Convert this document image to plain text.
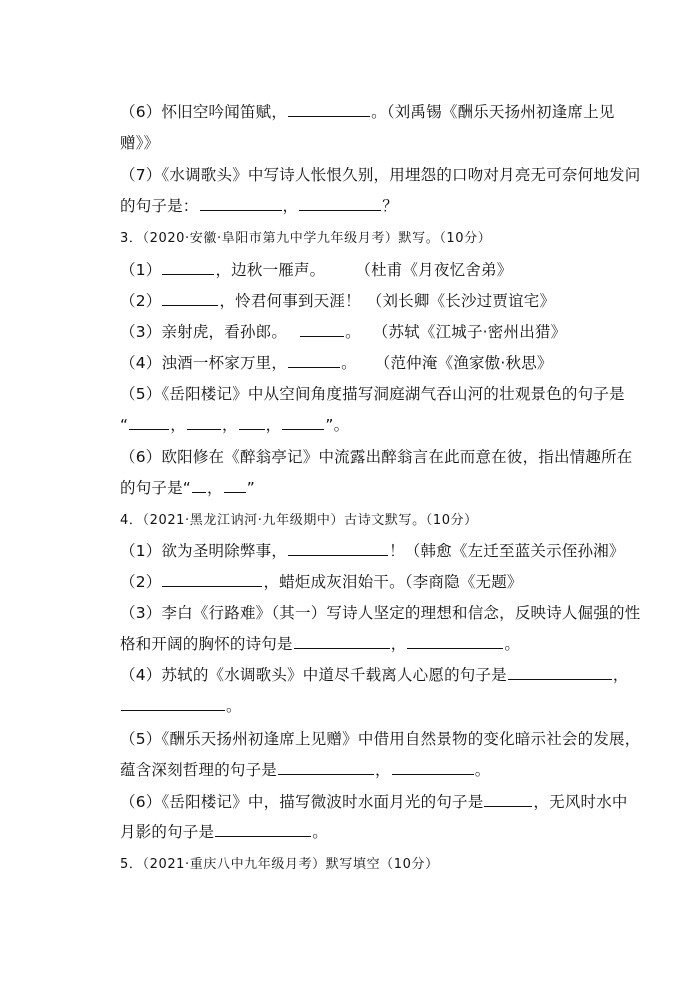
（6）怀旧空吟闻笛赋，	。（刘禹锡《酬乐天扬州初逢席上见
赠》》
（7）《水调歌头》中写诗人怅恨久别，用埋怨的口吻对月亮无可奈何地发问
的句子是：	，	？
3．（2020·安徽·阜阳市第九中学九年级月考）默写。（10分）
（1）	，边秋一雁声。 （杜甫《月夜忆舍弟》
（2）	，怜君何事到天涯！ （刘长卿《长沙过贾谊宅》
（3）亲射虎，看孙郎。	。 （苏轼《江城子·密州出猎》
（4）浊酒一杯家万里，	。 （范仲淹《渔家傲·秋思》
（5）《岳阳楼记》中从空间角度描写洞庭湖气吞山河的壮观景色的句子是
“	， ， ，	”。
（6）欧阳修在《醉翁亭记》中流露出醉翁言在此而意在彼，指出情趣所在
的句子是“ ， ”
4．（2021·黑龙江讷河·九年级期中）古诗文默写。（10分）
（1）欲为圣明除弊事，	！（韩愈《左迁至蓝关示侄孙湘》
（2）	，蜡炬成灰泪始干。（李商隐《无题》
（3）李白《行路难》（其一）写诗人坚定的理想和信念，反映诗人倔强的性
格和开阔的胸怀的诗句是	，	。
（4）苏轼的《水调歌头》中道尽千载离人心愿的句子是	，
。
（5）《酬乐天扬州初逢席上见赠》中借用自然景物的变化暗示社会的发展，
蕴含深刻哲理的句子是	，	。
（6）《岳阳楼记》中，描写微波时水面月光的句子是	，无风时水中
月影的句子是	。
5．（2021·重庆八中九年级月考）默写填空（10分）
